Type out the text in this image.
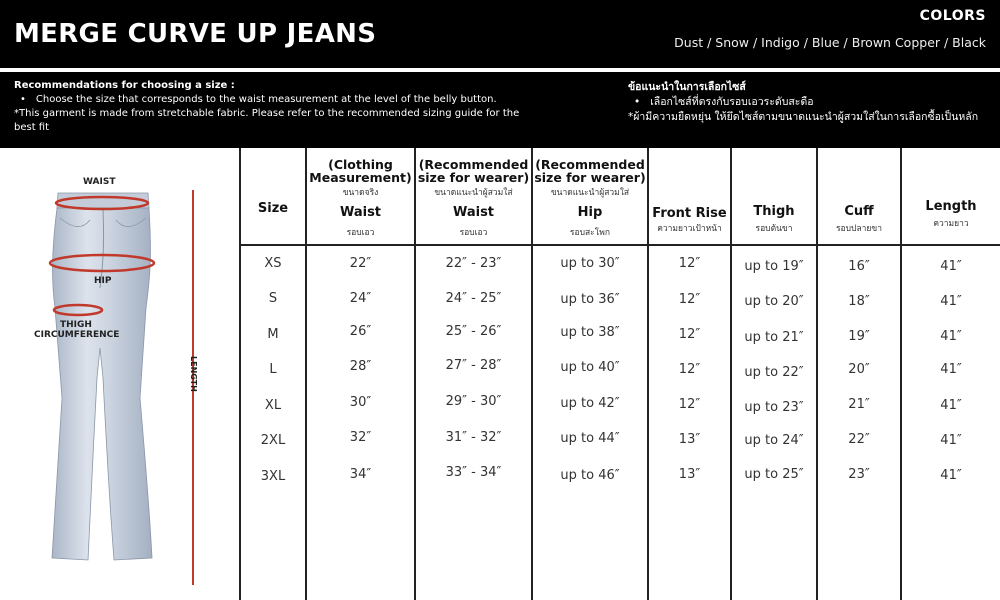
MERGE CURVE UP JEANS
COLORS
Dust / Snow / Indigo / Blue / Brown Copper / Black
Recommendations for choosing a size :
• Choose the size that corresponds to the waist measurement at the level of the belly button.
*This garment is made from stretchable fabric. Please refer to the recommended sizing guide for the best fit
ข้อแนะนำในการเลือกไซส์
• เลือกไซส์ที่ตรงกับรอบเอวระดับสะดือ
*ผ้ามีความยืดหยุ่น ให้ยึดไซส์ตามขนาดแนะนำผู้สวมใส่ในการเลือกซื้อเป็นหลัก
WAIST
HIP
THIGH
CIRCUMFERENCE
LENGTH
Size
(Clothing Measurement)
ขนาดจริง
Waist
รอบเอว
(Recommended size for wearer)
ขนาดแนะนำผู้สวมใส่
Waist
รอบเอว
(Recommended size for wearer)
ขนาดแนะนำผู้สวมใส่
Hip
รอบสะโพก
Front Rise
ความยาวเป้าหน้า
Thigh
รอบต้นขา
Cuff
รอบปลายขา
Length
ความยาว
XS	22″	22″ - 23″	up to 30″	12″	up to 19″	16″	41″
S	24″	24″ - 25″	up to 36″	12″	up to 20″	18″	41″
M	26″	25″ - 26″	up to 38″	12″	up to 21″	19″	41″
L	28″	27″ - 28″	up to 40″	12″	up to 22″	20″	41″
XL	30″	29″ - 30″	up to 42″	12″	up to 23″	21″	41″
2XL	32″	31″ - 32″	up to 44″	13″	up to 24″	22″	41″
3XL	34″	33″ - 34″	up to 46″	13″	up to 25″	23″	41″
